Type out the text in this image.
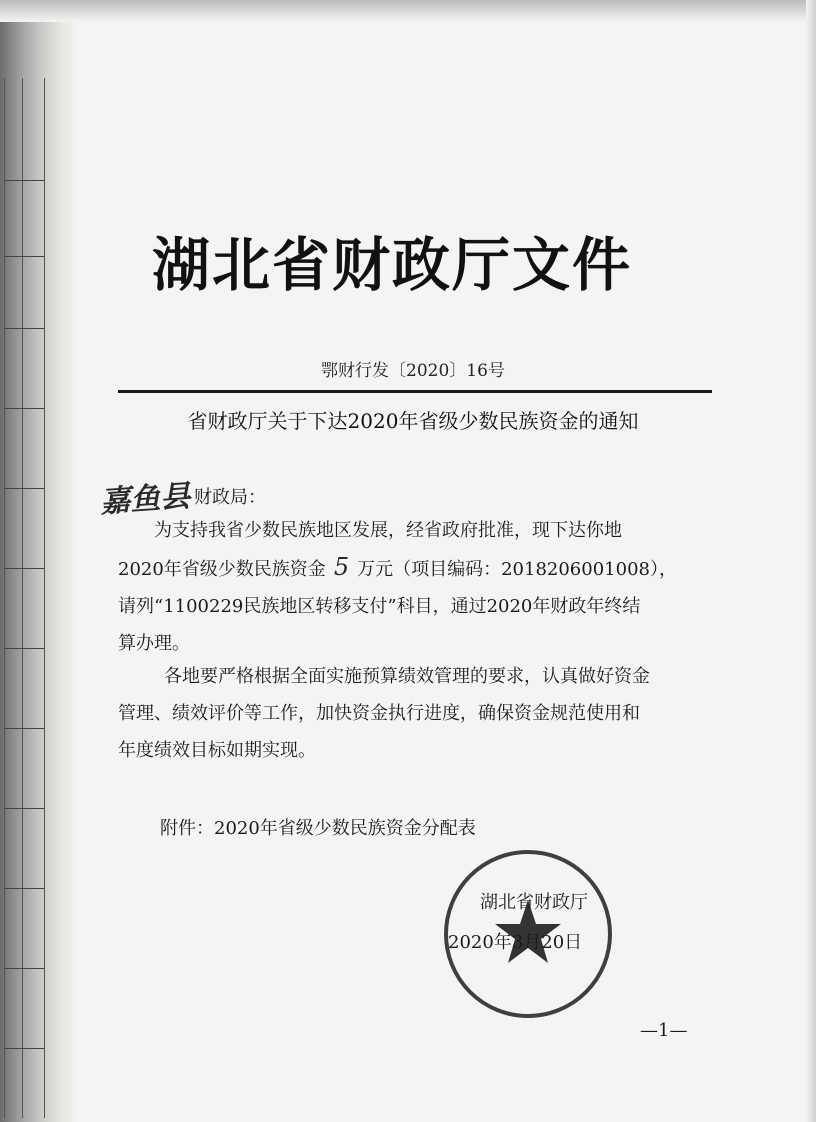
湖北省财政厅文件
鄂财行发〔2020〕16号
省财政厅关于下达2020年省级少数民族资金的通知
嘉鱼县 财政局：
为支持我省少数民族地区发展，经省政府批准，现下达你地
2020年省级少数民族资金 5 万元（项目编码：2018206001008），
请列“1100229民族地区转移支付”科目，通过2020年财政年终结
算办理。
各地要严格根据全面实施预算绩效管理的要求，认真做好资金
管理、绩效评价等工作，加快资金执行进度，确保资金规范使用和
年度绩效目标如期实现。
附件：2020年省级少数民族资金分配表
湖北省财政厅
2020年3月20日
—1—
